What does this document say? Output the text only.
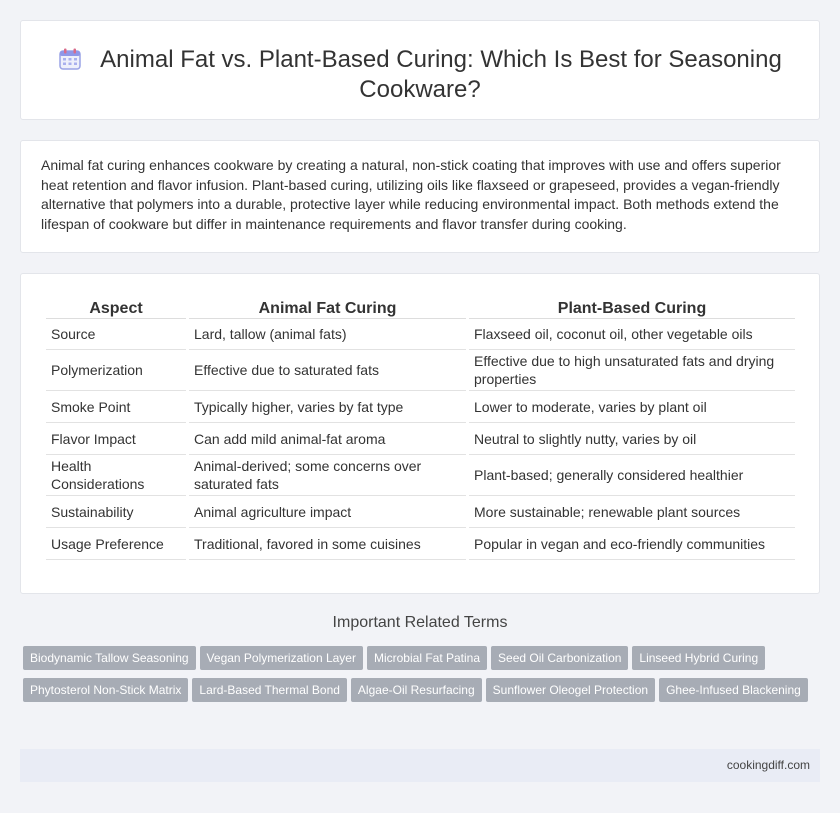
Animal Fat vs. Plant-Based Curing: Which Is Best for Seasoning Cookware?

Animal fat curing enhances cookware by creating a natural, non-stick coating that improves with use and offers superior heat retention and flavor infusion. Plant-based curing, utilizing oils like flaxseed or grapeseed, provides a vegan-friendly alternative that polymers into a durable, protective layer while reducing environmental impact. Both methods extend the lifespan of cookware but differ in maintenance requirements and flavor transfer during cooking.

Aspect	Animal Fat Curing	Plant-Based Curing
Source	Lard, tallow (animal fats)	Flaxseed oil, coconut oil, other vegetable oils
Polymerization	Effective due to saturated fats	Effective due to high unsaturated fats and drying properties
Smoke Point	Typically higher, varies by fat type	Lower to moderate, varies by plant oil
Flavor Impact	Can add mild animal-fat aroma	Neutral to slightly nutty, varies by oil
Health Considerations	Animal-derived; some concerns over saturated fats	Plant-based; generally considered healthier
Sustainability	Animal agriculture impact	More sustainable; renewable plant sources
Usage Preference	Traditional, favored in some cuisines	Popular in vegan and eco-friendly communities
Important Related Terms
Biodynamic Tallow Seasoning Vegan Polymerization Layer Microbial Fat Patina Seed Oil Carbonization Linseed Hybrid CuringPhytosterol Non-Stick Matrix Lard-Based Thermal Bond Algae-Oil Resurfacing Sunflower Oleogel Protection Ghee-Infused Blackening
cookingdiff.com
